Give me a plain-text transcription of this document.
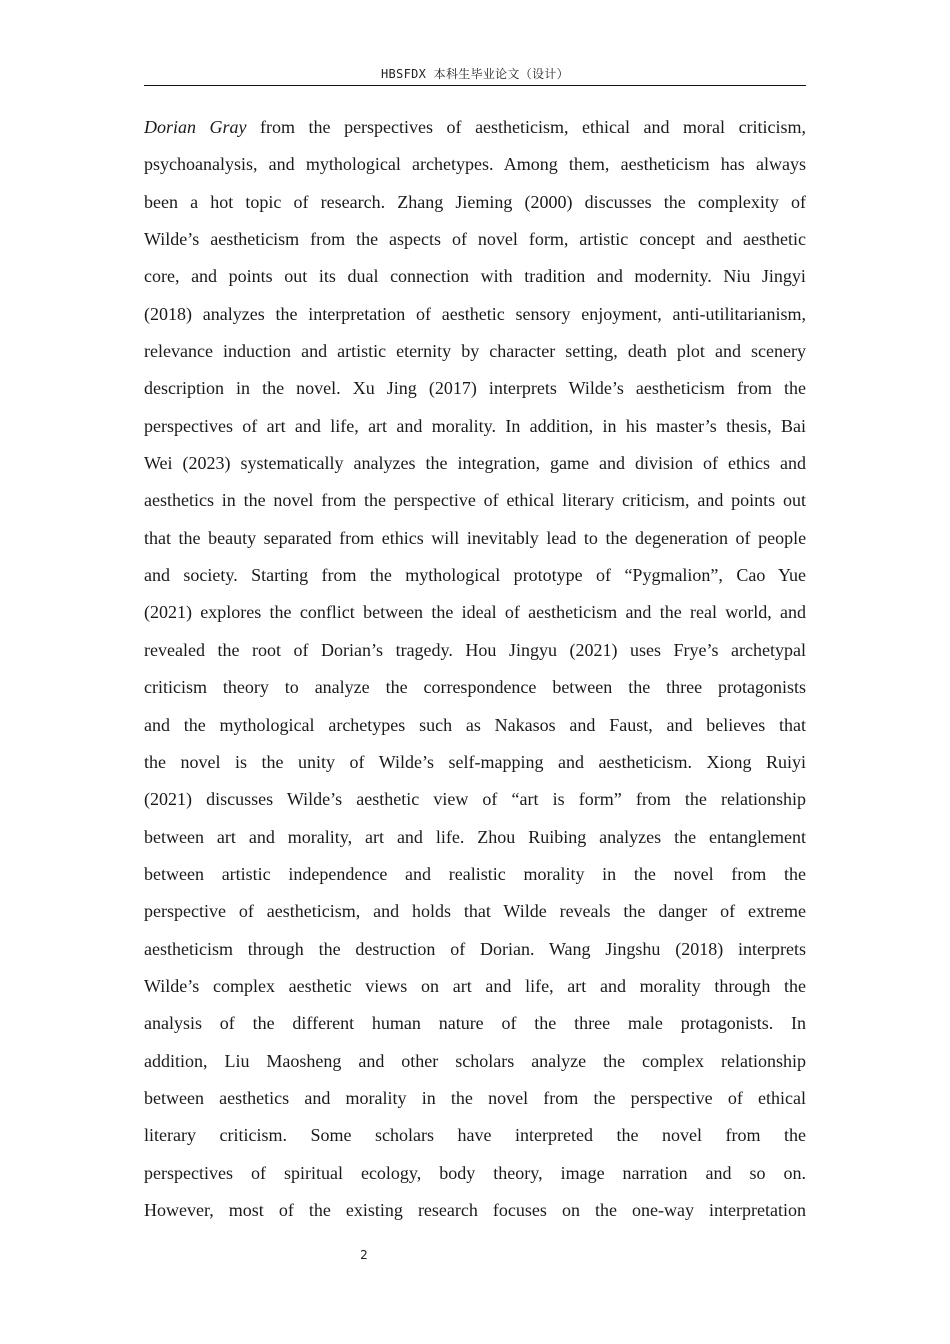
HBSFDX 本科生毕业论文（设计）
Dorian Gray from the perspectives of aestheticism, ethical and moral criticism,
psychoanalysis, and mythological archetypes. Among them, aestheticism has always
been a hot topic of research. Zhang Jieming (2000) discusses the complexity of
Wilde’s aestheticism from the aspects of novel form, artistic concept and aesthetic
core, and points out its dual connection with tradition and modernity. Niu Jingyi
(2018) analyzes the interpretation of aesthetic sensory enjoyment, anti-utilitarianism,
relevance induction and artistic eternity by character setting, death plot and scenery
description in the novel. Xu Jing (2017) interprets Wilde’s aestheticism from the
perspectives of art and life, art and morality. In addition, in his master’s thesis, Bai
Wei (2023) systematically analyzes the integration, game and division of ethics and
aesthetics in the novel from the perspective of ethical literary criticism, and points out
that the beauty separated from ethics will inevitably lead to the degeneration of people
and society. Starting from the mythological prototype of “Pygmalion”, Cao Yue
(2021) explores the conflict between the ideal of aestheticism and the real world, and
revealed the root of Dorian’s tragedy. Hou Jingyu (2021) uses Frye’s archetypal
criticism theory to analyze the correspondence between the three protagonists
and the mythological archetypes such as Nakasos and Faust, and believes that
the novel is the unity of Wilde’s self-mapping and aestheticism. Xiong Ruiyi
(2021) discusses Wilde’s aesthetic view of “art is form” from the relationship
between art and morality, art and life. Zhou Ruibing analyzes the entanglement
between artistic independence and realistic morality in the novel from the
perspective of aestheticism, and holds that Wilde reveals the danger of extreme
aestheticism through the destruction of Dorian. Wang Jingshu (2018) interprets
Wilde’s complex aesthetic views on art and life, art and morality through the
analysis of the different human nature of the three male protagonists. In
addition, Liu Maosheng and other scholars analyze the complex relationship
between aesthetics and morality in the novel from the perspective of ethical
literary criticism. Some scholars have interpreted the novel from the
perspectives of spiritual ecology, body theory, image narration and so on.
However, most of the existing research focuses on the one-way interpretation
2
